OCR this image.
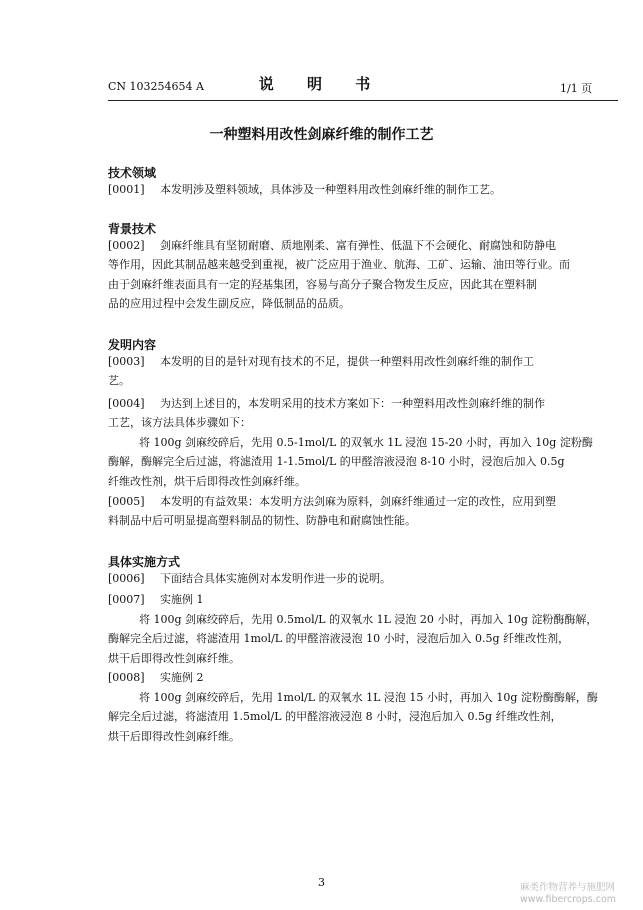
CN 103254654 A	说 明 书	1/1 页
一种塑料用改性剑麻纤维的制作工艺
技术领域
[0001] 本发明涉及塑料领域，具体涉及一种塑料用改性剑麻纤维的制作工艺。
背景技术
[0002] 剑麻纤维具有坚韧耐磨、质地刚柔、富有弹性、低温下不会硬化、耐腐蚀和防静电
等作用，因此其制品越来越受到重视，被广泛应用于渔业、航海、工矿、运输、油田等行业。而
由于剑麻纤维表面具有一定的羟基集团，容易与高分子聚合物发生反应，因此其在塑料制
品的应用过程中会发生副反应，降低制品的品质。
发明内容
[0003] 本发明的目的是针对现有技术的不足，提供一种塑料用改性剑麻纤维的制作工
艺。
[0004] 为达到上述目的，本发明采用的技术方案如下：一种塑料用改性剑麻纤维的制作
工艺，该方法具体步骤如下：
将 100g 剑麻绞碎后，先用 0.5-1mol/L 的双氧水 1L 浸泡 15-20 小时，再加入 10g 淀粉酶
酶解，酶解完全后过滤，将滤渣用 1-1.5mol/L 的甲醛溶液浸泡 8-10 小时，浸泡后加入 0.5g
纤维改性剂，烘干后即得改性剑麻纤维。
[0005] 本发明的有益效果：本发明方法剑麻为原料，剑麻纤维通过一定的改性，应用到塑
料制品中后可明显提高塑料制品的韧性、防静电和耐腐蚀性能。
具体实施方式
[0006] 下面结合具体实施例对本发明作进一步的说明。
[0007] 实施例 1
将 100g 剑麻绞碎后，先用 0.5mol/L 的双氧水 1L 浸泡 20 小时，再加入 10g 淀粉酶酶解，
酶解完全后过滤，将滤渣用 1mol/L 的甲醛溶液浸泡 10 小时，浸泡后加入 0.5g 纤维改性剂，
烘干后即得改性剑麻纤维。
[0008] 实施例 2
将 100g 剑麻绞碎后，先用 1mol/L 的双氧水 1L 浸泡 15 小时，再加入 10g 淀粉酶酶解，酶
解完全后过滤，将滤渣用 1.5mol/L 的甲醛溶液浸泡 8 小时，浸泡后加入 0.5g 纤维改性剂，
烘干后即得改性剑麻纤维。
3	麻类作物营养与施肥网
www.fibercrops.com
